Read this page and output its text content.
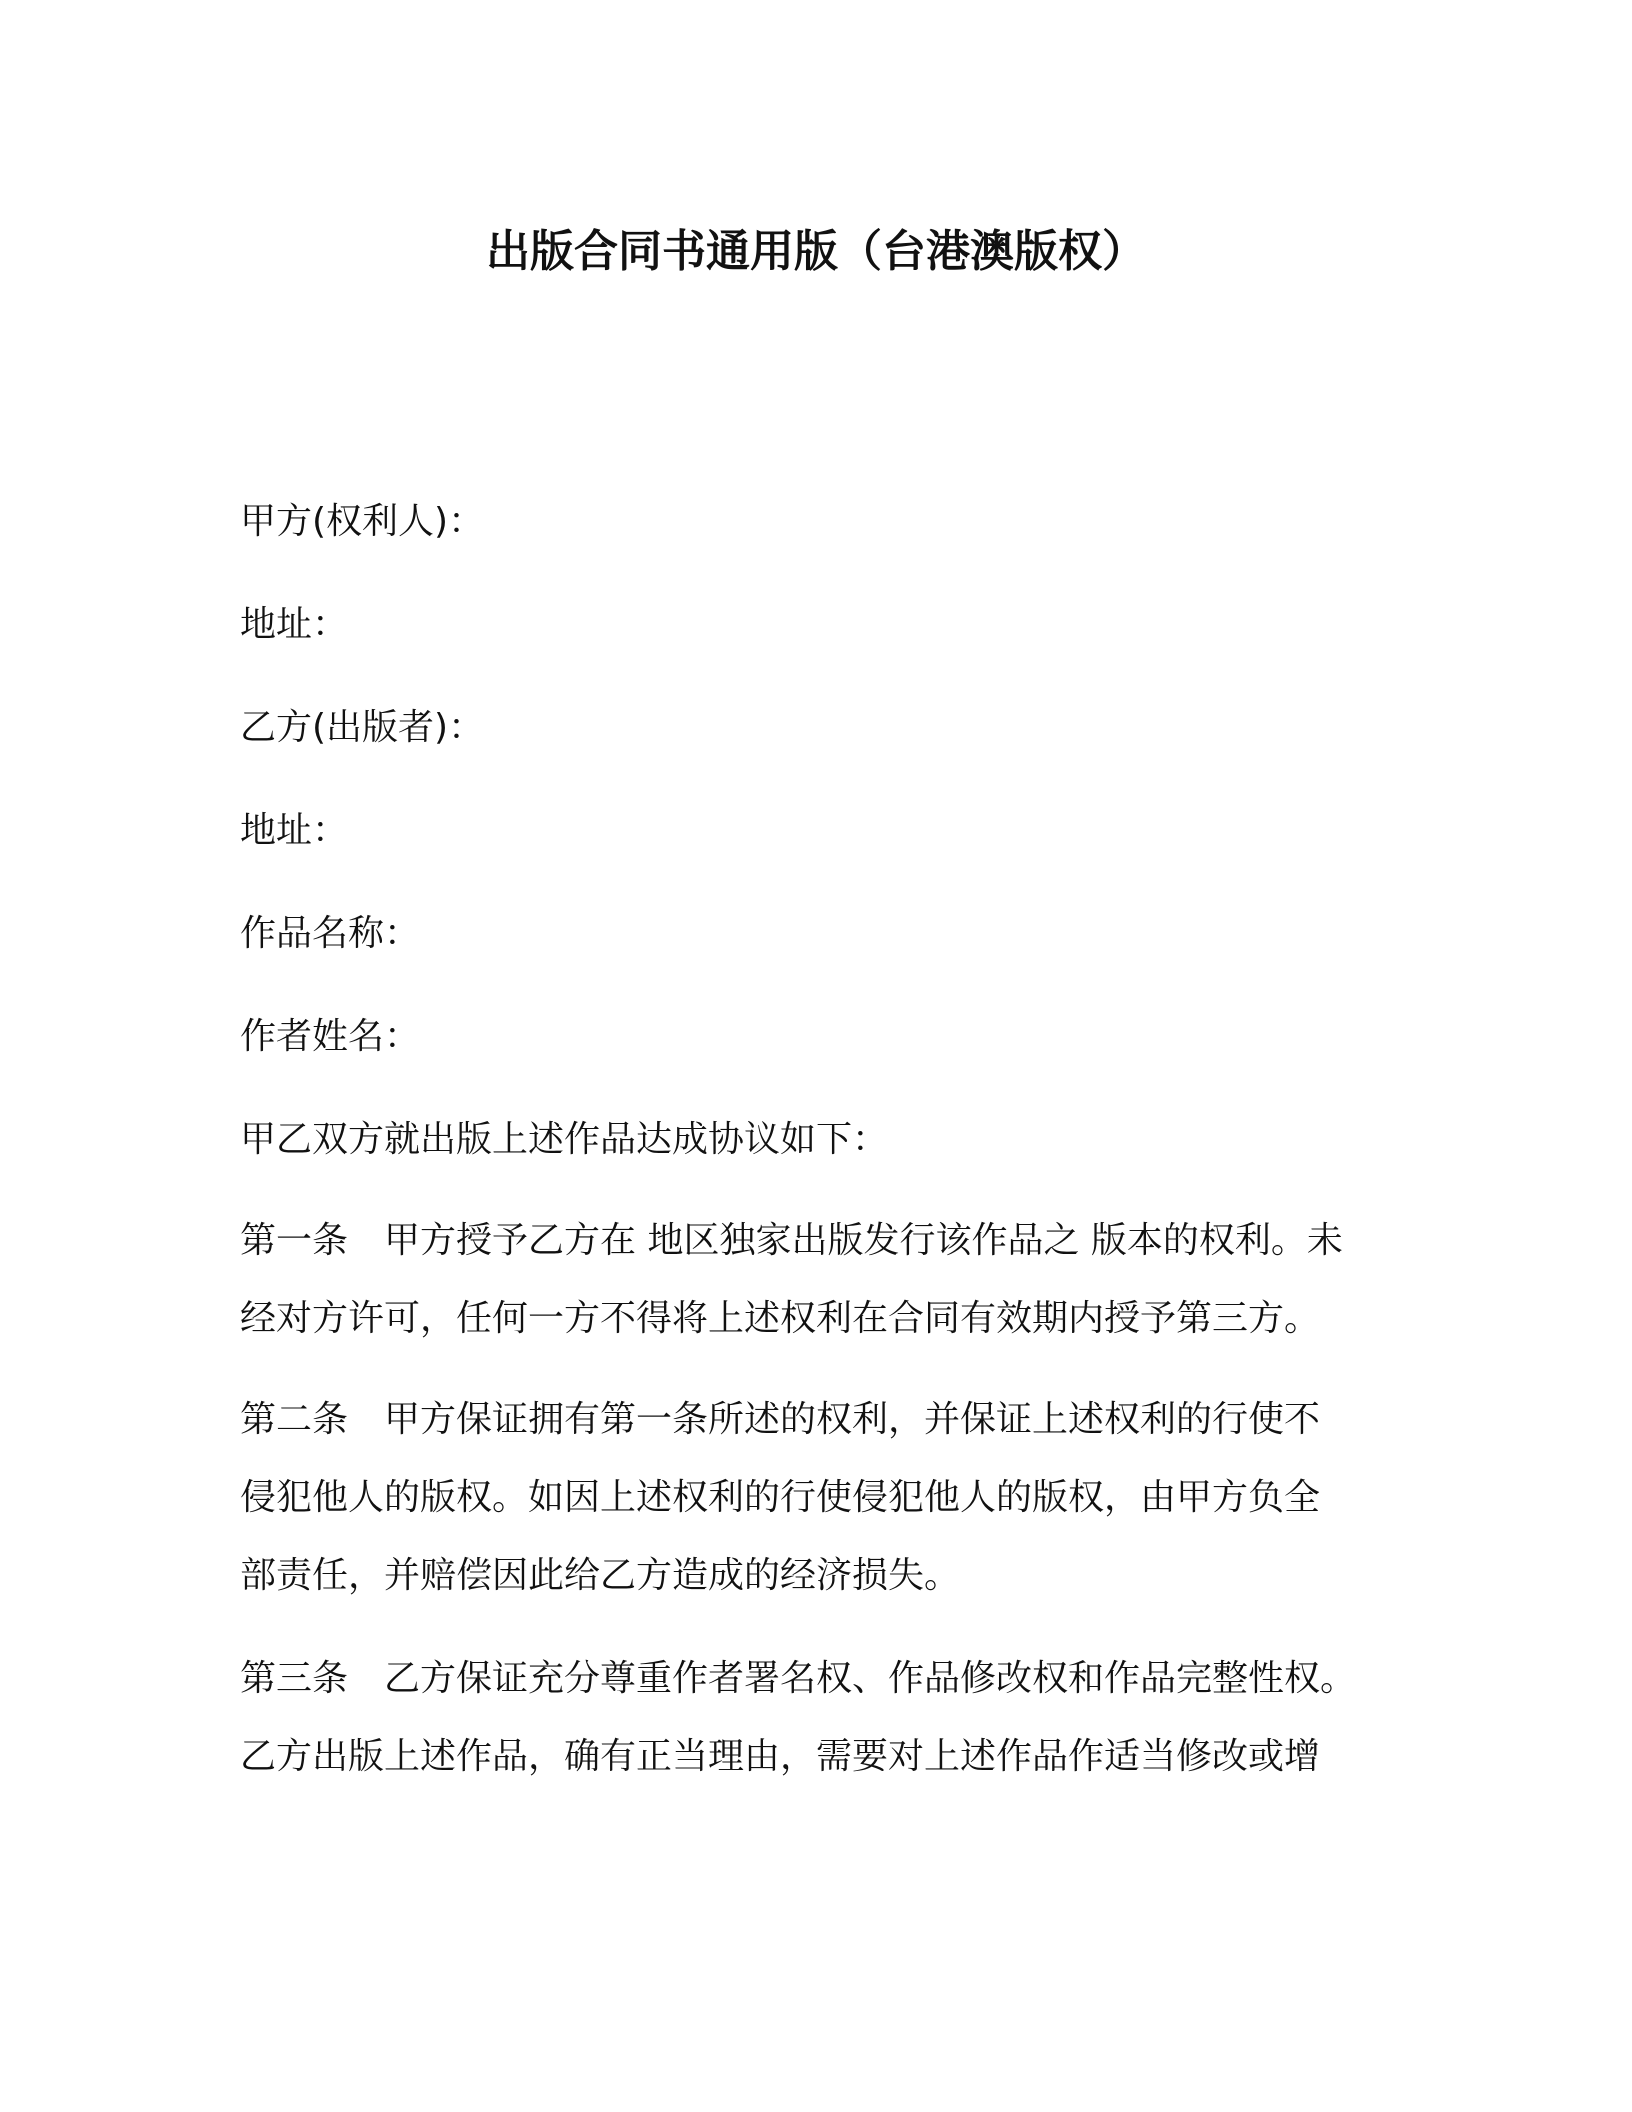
出版合同书通用版（台港澳版权）
甲方(权利人)：
地址：
乙方(出版者)：
地址：
作品名称：
作者姓名：
甲乙双方就出版上述作品达成协议如下：
第一条　甲方授予乙方在 地区独家出版发行该作品之 版本的权利。未
经对方许可，任何一方不得将上述权利在合同有效期内授予第三方。
第二条　甲方保证拥有第一条所述的权利，并保证上述权利的行使不
侵犯他人的版权。如因上述权利的行使侵犯他人的版权，由甲方负全
部责任，并赔偿因此给乙方造成的经济损失。
第三条　乙方保证充分尊重作者署名权、作品修改权和作品完整性权。
乙方出版上述作品，确有正当理由，需要对上述作品作适当修改或增
